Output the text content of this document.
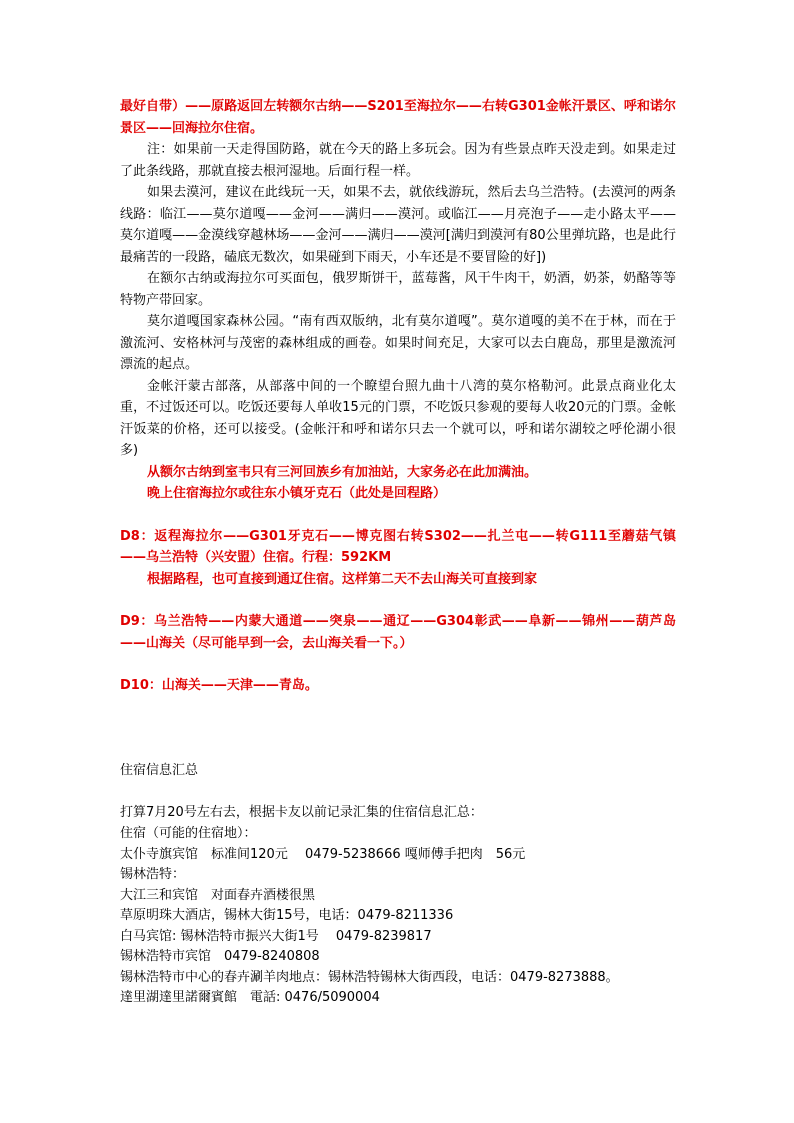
最好自带）——原路返回左转额尔古纳——S201至海拉尔——右转G301金帐汗景区、呼和诺尔景区——回海拉尔住宿。

注：如果前一天走得国防路，就在今天的路上多玩会。因为有些景点昨天没走到。如果走过了此条线路，那就直接去根河湿地。后面行程一样。

如果去漠河，建议在此线玩一天，如果不去，就依线游玩，然后去乌兰浩特。(去漠河的两条线路：临江——莫尔道嘎——金河——满归——漠河。或临江——月亮泡子——走小路太平——莫尔道嘎——金漠线穿越林场——金河——满归——漠河[满归到漠河有80公里弹坑路，也是此行最痛苦的一段路，磕底无数次，如果碰到下雨天，小车还是不要冒险的好])

在额尔古纳或海拉尔可买面包，俄罗斯饼干，蓝莓酱，风干牛肉干，奶酒，奶茶，奶酪等等特物产带回家。

莫尔道嘎国家森林公园。“南有西双版纳，北有莫尔道嘎”。莫尔道嘎的美不在于林，而在于激流河、安格林河与茂密的森林组成的画卷。如果时间充足，大家可以去白鹿岛，那里是激流河漂流的起点。

金帐汗蒙古部落，从部落中间的一个瞭望台照九曲十八湾的莫尔格勒河。此景点商业化太重，不过饭还可以。吃饭还要每人单收15元的门票，不吃饭只参观的要每人收20元的门票。金帐汗饭菜的价格，还可以接受。(金帐汗和呼和诺尔只去一个就可以，呼和诺尔湖较之呼伦湖小很多)

从额尔古纳到室韦只有三河回族乡有加油站，大家务必在此加满油。

晚上住宿海拉尔或往东小镇牙克石（此处是回程路）

D8：返程海拉尔——G301牙克石——博克图右转S302——扎兰屯——转G111至蘑菇气镇——乌兰浩特（兴安盟）住宿。行程：592KM

根据路程，也可直接到通辽住宿。这样第二天不去山海关可直接到家

D9：乌兰浩特——内蒙大通道——突泉——通辽——G304彰武——阜新——锦州——葫芦岛——山海关（尽可能早到一会，去山海关看一下。）

D10：山海关——天津——青岛。

住宿信息汇总

打算7月20号左右去，根据卡友以前记录汇集的住宿信息汇总：

住宿（可能的住宿地）：

太仆寺旗宾馆　标准间120元　 0479-5238666 嘎师傅手把肉　56元

锡林浩特：

大江三和宾馆　对面春卉酒楼很黑

草原明珠大酒店，锡林大街15号，电话：0479-8211336

白马宾馆: 锡林浩特市振兴大街1号　 0479-8239817

锡林浩特市宾馆　0479-8240808

锡林浩特市中心的春卉涮羊肉地点：锡林浩特锡林大街西段，电话：0479-8273888。

達里湖達里諾爾賓館　電話: 0476/5090004
